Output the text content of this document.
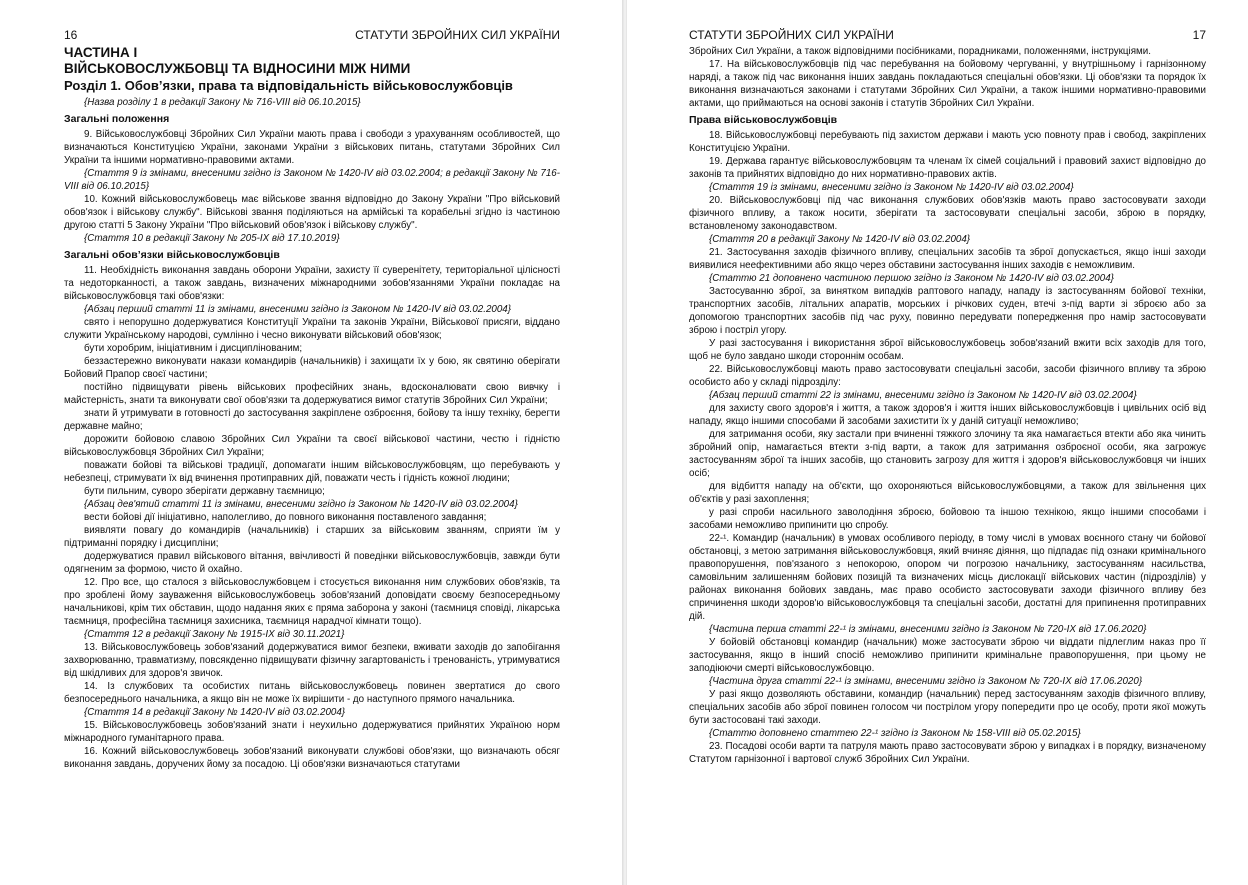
16	СТАТУТИ ЗБРОЙНИХ СИЛ УКРАЇНИ

ЧАСТИНА І

ВІЙСЬКОВОСЛУЖБОВЦІ ТА ВІДНОСИНИ МІЖ НИМИ

Розділ 1. Обов’язки, права та відповідальність військовослужбовців

{Назва розділу 1 в редакції Закону № 716-VIII від 06.10.2015}

Загальні положення

9. Військовослужбовці Збройних Сил України мають права і свободи з урахуванням особливостей, що визначаються Конституцією України, законами України з військових питань, статутами Збройних Сил України та іншими нормативно-правовими актами.

{Стаття 9 із змінами, внесеними згідно із Законом № 1420-IV від 03.02.2004; в редакції Закону № 716-VIII від 06.10.2015}

10. Кожний військовослужбовець має військове звання відповідно до Закону України "Про військовий обов'язок і військову службу". Військові звання поділяються на армійські та корабельні згідно із частиною другою статті 5 Закону України "Про військовий обов'язок і військову службу".

{Стаття 10 в редакції Закону № 205-IX від 17.10.2019}

Загальні обов’язки військовослужбовців

11. Необхідність виконання завдань оборони України, захисту її суверенітету, територіальної цілісності та недоторканності, а також завдань, визначених міжнародними зобов'язаннями України покладає на військовослужбовця такі обов'язки:

{Абзац перший статті 11 із змінами, внесеними згідно із Законом № 1420-IV від 03.02.2004}

свято і непорушно додержуватися Конституції України та законів України, Військової присяги, віддано служити Українському народові, сумлінно і чесно виконувати військовий обов'язок;

бути хоробрим, ініціативним і дисциплінованим;

беззастережно виконувати накази командирів (начальників) і захищати їх у бою, як святиню оберігати Бойовий Прапор своєї частини;

постійно підвищувати рівень військових професійних знань, вдосконалювати свою вивчку і майстерність, знати та виконувати свої обов'язки та додержуватися вимог статутів Збройних Сил України;

знати й утримувати в готовності до застосування закріплене озброєння, бойову та іншу техніку, берегти державне майно;

дорожити бойовою славою Збройних Сил України та своєї військової частини, честю і гідністю військовослужбовця Збройних Сил України;

поважати бойові та військові традиції, допомагати іншим військовослужбовцям, що перебувають у небезпеці, стримувати їх від вчинення протиправних дій, поважати честь і гідність кожної людини;

бути пильним, суворо зберігати державну таємницю;

{Абзац дев'ятий статті 11 із змінами, внесеними згідно із Законом № 1420-IV від 03.02.2004}

вести бойові дії ініціативно, наполегливо, до повного виконання поставленого завдання;

виявляти повагу до командирів (начальників) і старших за військовим званням, сприяти їм у підтриманні порядку і дисципліни;

додержуватися правил військового вітання, ввічливості й поведінки військовослужбовців, завжди бути одягненим за формою, чисто й охайно.

12. Про все, що сталося з військовослужбовцем і стосується виконання ним службових обов'язків, та про зроблені йому зауваження військовослужбовець зобов'язаний доповідати своєму безпосередньому начальникові, крім тих обставин, щодо надання яких є пряма заборона у законі (таємниця сповіді, лікарська таємниця, професійна таємниця захисника, таємниця нарадчої кімнати тощо).

{Стаття 12 в редакції Закону № 1915-IX від 30.11.2021}

13. Військовослужбовець зобов'язаний додержуватися вимог безпеки, вживати заходів до запобігання захворюванню, травматизму, повсякденно підвищувати фізичну загартованість і тренованість, утримуватися від шкідливих для здоров'я звичок.

14. Із службових та особистих питань військовослужбовець повинен звертатися до свого безпосереднього начальника, а якщо він не може їх вирішити - до наступного прямого начальника.

{Стаття 14 в редакції Закону № 1420-IV від 03.02.2004}

15. Військовослужбовець зобов'язаний знати і неухильно додержуватися прийнятих Україною норм міжнародного гуманітарного права.

16. Кожний військовослужбовець зобов'язаний виконувати службові обов'язки, що визначають обсяг виконання завдань, доручених йому за посадою. Ці обов'язки визначаються статутами

СТАТУТИ ЗБРОЙНИХ СИЛ УКРАЇНИ	17

Збройних Сил України, а також відповідними посібниками, порадниками, положеннями, інструкціями.

17. На військовослужбовців під час перебування на бойовому чергуванні, у внутрішньому і гарнізонному нарядi, а також під час виконання інших завдань покладаються спеціальні обов'язки. Ці обов'язки та порядок їх виконання визначаються законами і статутами Збройних Сил України, а також іншими нормативно-правовими актами, що приймаються на основі законів і статутів Збройних Сил України.

Права військовослужбовців

18. Військовослужбовці перебувають під захистом держави і мають усю повноту прав і свобод, закріплених Конституцією України.

19. Держава гарантує військовослужбовцям та членам їх сімей соціальний і правовий захист відповідно до законів та прийнятих відповідно до них нормативно-правових актів.

{Стаття 19 із змінами, внесеними згідно із Законом № 1420-IV від 03.02.2004}

20. Військовослужбовці під час виконання службових обов'язків мають право застосовувати заходи фізичного впливу, а також носити, зберігати та застосовувати спеціальні засоби, зброю в порядку, встановленому законодавством.

{Стаття 20 в редакції Закону № 1420-IV від 03.02.2004}

21. Застосування заходів фізичного впливу, спеціальних засобів та зброї допускається, якщо інші заходи виявилися неефективними або якщо через обставини застосування інших заходів є неможливим.

{Статтю 21 доповнено частиною першою згідно із Законом № 1420-IV від 03.02.2004}

Застосуванню зброї, за винятком випадків раптового нападу, нападу із застосуванням бойової техніки, транспортних засобів, літальних апаратів, морських і річкових суден, втечі з-під варти зі зброєю або за допомогою транспортних засобів під час руху, повинно передувати попередження про намір застосовувати зброю і постріл угору.

У разі застосування і використання зброї військовослужбовець зобов'язаний вжити всіх заходів для того, щоб не було завдано шкоди стороннім особам.

22. Військовослужбовці мають право застосовувати спеціальні засоби, засоби фізичного впливу та зброю особисто або у складі підрозділу:

{Абзац перший статті 22 із змінами, внесеними згідно із Законом № 1420-IV від 03.02.2004}

для захисту свого здоров'я і життя, а також здоров'я і життя інших військовослужбовців і цивільних осіб від нападу, якщо іншими способами й засобами захистити їх у даній ситуації неможливо;

для затримання особи, яку застали при вчиненні тяжкого злочину та яка намагається втекти або яка чинить збройний опір, намагається втекти з-під варти, а також для затримання озброєної особи, яка загрожує застосуванням зброї та інших засобів, що становить загрозу для життя і здоров'я військовослужбовця чи інших осіб;

для відбиття нападу на об'єкти, що охороняються військовослужбовцями, а також для звільнення цих об'єктів у разі захоплення;

у разі спроби насильного заволодіння зброєю, бойовою та іншою технікою, якщо іншими способами і засобами неможливо припинити цю спробу.

22-¹. Командир (начальник) в умовах особливого періоду, в тому числі в умовах воєнного стану чи бойової обстановці, з метою затримання військовослужбовця, який вчиняє діяння, що підпадає під ознаки кримінального правопорушення, пов'язаного з непокорою, опором чи погрозою начальнику, застосуванням насильства, самовільним залишенням бойових позицій та визначених місць дислокації військових частин (підрозділів) у районах виконання бойових завдань, має право особисто застосовувати заходи фізичного впливу без спричинення шкоди здоров'ю військовослужбовця та спеціальні засоби, достатні для припинення протиправних дій.

{Частина перша статті 22-¹ із змінами, внесеними згідно із Законом № 720-IX від 17.06.2020}

У бойовій обстановці командир (начальник) може застосувати зброю чи віддати підлеглим наказ про її застосування, якщо в інший спосіб неможливо припинити кримінальне правопорушення, при цьому не заподіюючи смерті військовослужбовцю.

{Частина друга статті 22-¹ із змінами, внесеними згідно із Законом № 720-IX від 17.06.2020}

У разі якщо дозволяють обставини, командир (начальник) перед застосуванням заходів фізичного впливу, спеціальних засобів або зброї повинен голосом чи пострілом угору попередити про це особу, проти якої можуть бути застосовані такі заходи.

{Статтю доповнено статтею 22-¹ згідно із Законом № 158-VIII від 05.02.2015}

23. Посадові особи варти та патруля мають право застосовувати зброю у випадках і в порядку, визначеному Статутом гарнізонної і вартової служб Збройних Сил України.
